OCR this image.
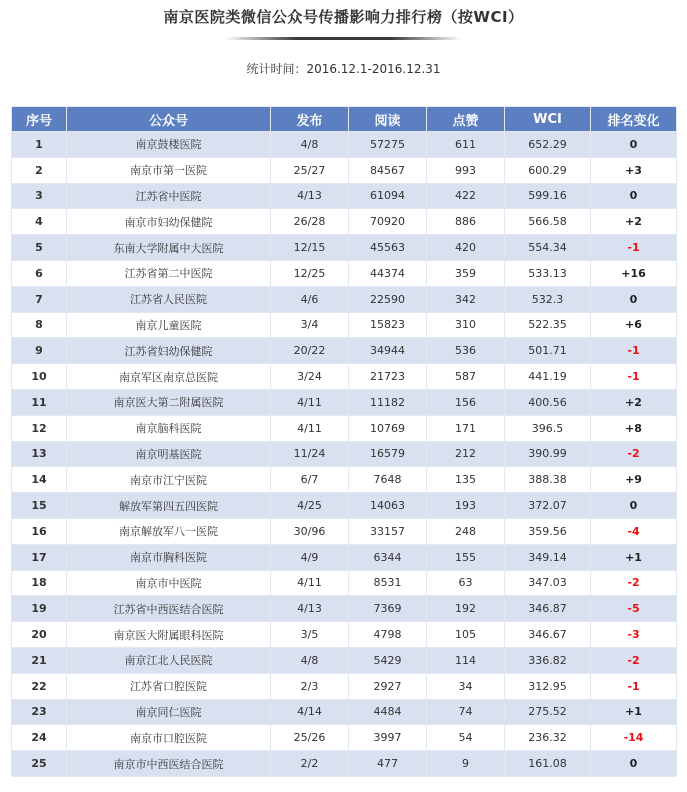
南京医院类微信公众号传播影响力排行榜（按WCI）
统计时间：2016.12.1-2016.12.31
序号	公众号	发布	阅读	点赞	WCI	排名变化
1	南京鼓楼医院	4/8	57275	611	652.29	0
2	南京市第一医院	25/27	84567	993	600.29	+3
3	江苏省中医院	4/13	61094	422	599.16	0
4	南京市妇幼保健院	26/28	70920	886	566.58	+2
5	东南大学附属中大医院	12/15	45563	420	554.34	-1
6	江苏省第二中医院	12/25	44374	359	533.13	+16
7	江苏省人民医院	4/6	22590	342	532.3	0
8	南京儿童医院	3/4	15823	310	522.35	+6
9	江苏省妇幼保健院	20/22	34944	536	501.71	-1
10	南京军区南京总医院	3/24	21723	587	441.19	-1
11	南京医大第二附属医院	4/11	11182	156	400.56	+2
12	南京脑科医院	4/11	10769	171	396.5	+8
13	南京明基医院	11/24	16579	212	390.99	-2
14	南京市江宁医院	6/7	7648	135	388.38	+9
15	解放军第四五四医院	4/25	14063	193	372.07	0
16	南京解放军八一医院	30/96	33157	248	359.56	-4
17	南京市胸科医院	4/9	6344	155	349.14	+1
18	南京市中医院	4/11	8531	63	347.03	-2
19	江苏省中西医结合医院	4/13	7369	192	346.87	-5
20	南京医大附属眼科医院	3/5	4798	105	346.67	-3
21	南京江北人民医院	4/8	5429	114	336.82	-2
22	江苏省口腔医院	2/3	2927	34	312.95	-1
23	南京同仁医院	4/14	4484	74	275.52	+1
24	南京市口腔医院	25/26	3997	54	236.32	-14
25	南京市中西医结合医院	2/2	477	9	161.08	0
